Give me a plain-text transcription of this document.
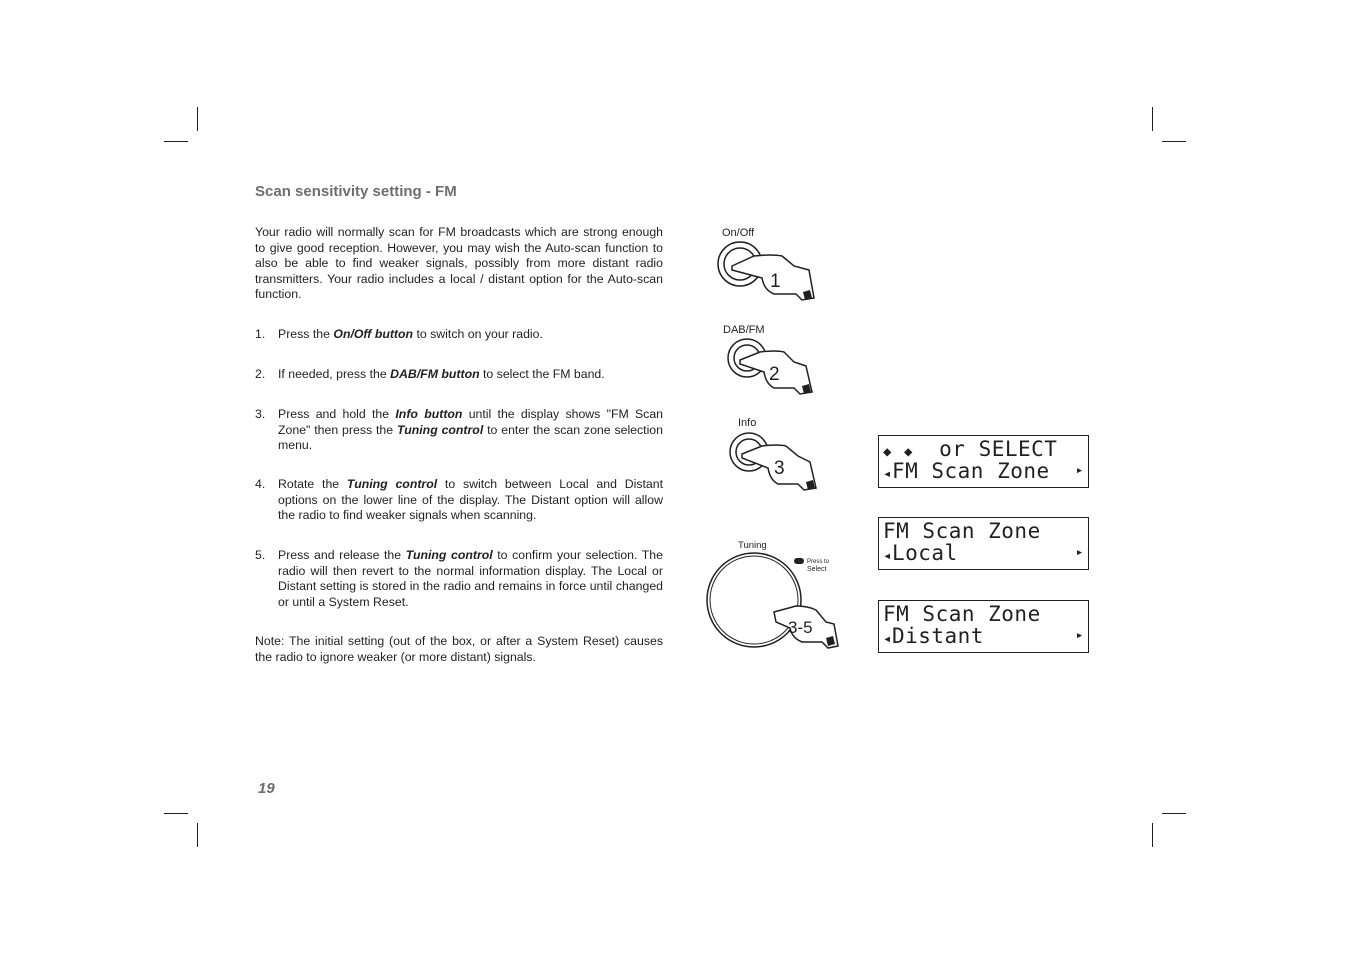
Scan sensitivity setting - FM
Your radio will normally scan for FM broadcasts which are strong enough to give good reception. However, you may wish the Auto-scan function to also be able to find weaker signals, possibly from more distant radio transmitters. Your radio includes a local / distant option for the Auto-scan function.
1. Press the On/Off button to switch on your radio.
2. If needed, press the DAB/FM button to select the FM band.
3. Press and hold the Info button until the display shows "FM Scan Zone" then press the Tuning control to enter the scan zone selection menu.
4. Rotate the Tuning control to switch between Local and Distant options on the lower line of the display. The Distant option will allow the radio to find weaker signals when scanning.
5. Press and release the Tuning control to confirm your selection. The radio will then revert to the normal information display. The Local or Distant setting is stored in the radio and remains in force until changed or until a System Reset.
Note: The initial setting (out of the box, or after a System Reset) causes the radio to ignore weaker (or more distant) signals.
19
On/Off
1
DAB/FM
2
Info
3
Tuning
3-5
Press to
Select
◆ ◆  or SELECT
◂FM Scan Zone ▸
FM Scan Zone
◂Local	▸
FM Scan Zone
◂Distant	▸
